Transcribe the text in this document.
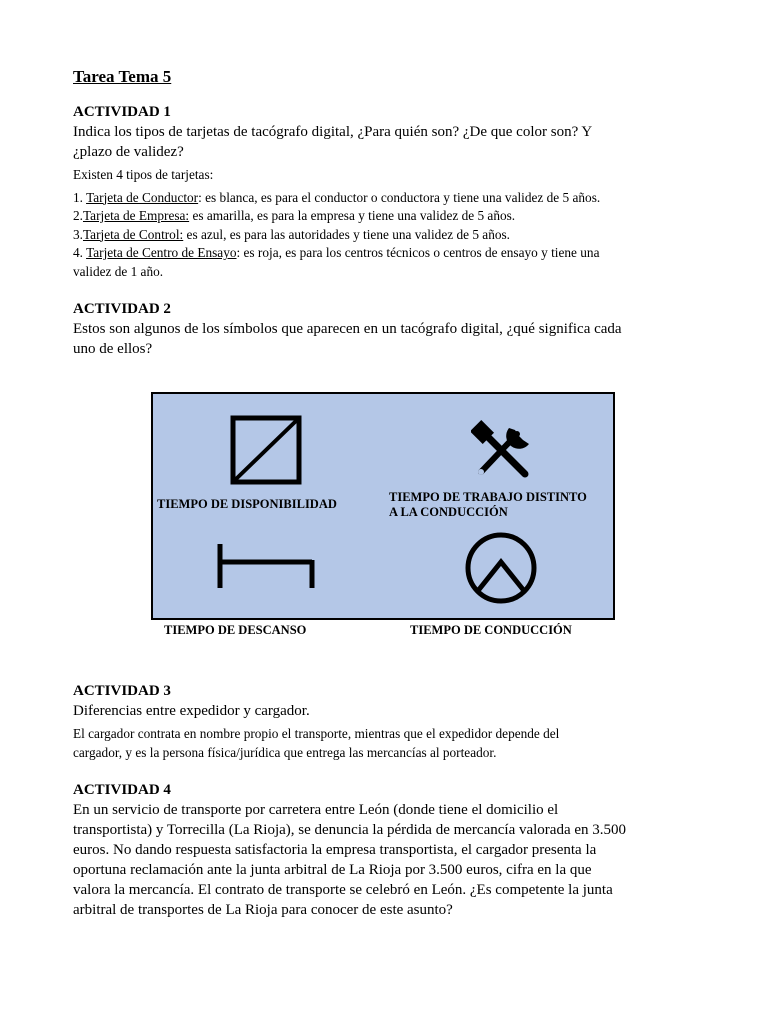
Tarea Tema 5

ACTIVIDAD 1

Indica los tipos de tarjetas de tacógrafo digital, ¿Para quién son? ¿De que color son? Y

¿plazo de validez?

Existen 4 tipos de tarjetas:

1. Tarjeta de Conductor: es blanca, es para el conductor o conductora y tiene una validez de 5 años.

2.Tarjeta de Empresa: es amarilla, es para la empresa y tiene una validez de 5 años.

3.Tarjeta de Control: es azul, es para las autoridades y tiene una validez de 5 años.

4. Tarjeta de Centro de Ensayo: es roja, es para los centros técnicos o centros de ensayo y tiene una

validez de 1 año.

ACTIVIDAD 2

Estos son algunos de los símbolos que aparecen en un tacógrafo digital, ¿qué significa cada

uno de ellos?

TIEMPO DE DISPONIBILIDAD	TIEMPO DE TRABAJO DISTINTO
A LA CONDUCCIÓN
TIEMPO DE DESCANSO	TIEMPO DE CONDUCCIÓN

ACTIVIDAD 3

Diferencias entre expedidor y cargador.

El cargador contrata en nombre propio el transporte, mientras que el expedidor depende del

cargador, y es la persona física/jurídica que entrega las mercancías al porteador.

ACTIVIDAD 4

En un servicio de transporte por carretera entre León (donde tiene el domicilio el

transportista) y Torrecilla (La Rioja), se denuncia la pérdida de mercancía valorada en 3.500

euros. No dando respuesta satisfactoria la empresa transportista, el cargador presenta la

oportuna reclamación ante la junta arbitral de La Rioja por 3.500 euros, cifra en la que

valora la mercancía. El contrato de transporte se celebró en León. ¿Es competente la junta

arbitral de transportes de La Rioja para conocer de este asunto?
